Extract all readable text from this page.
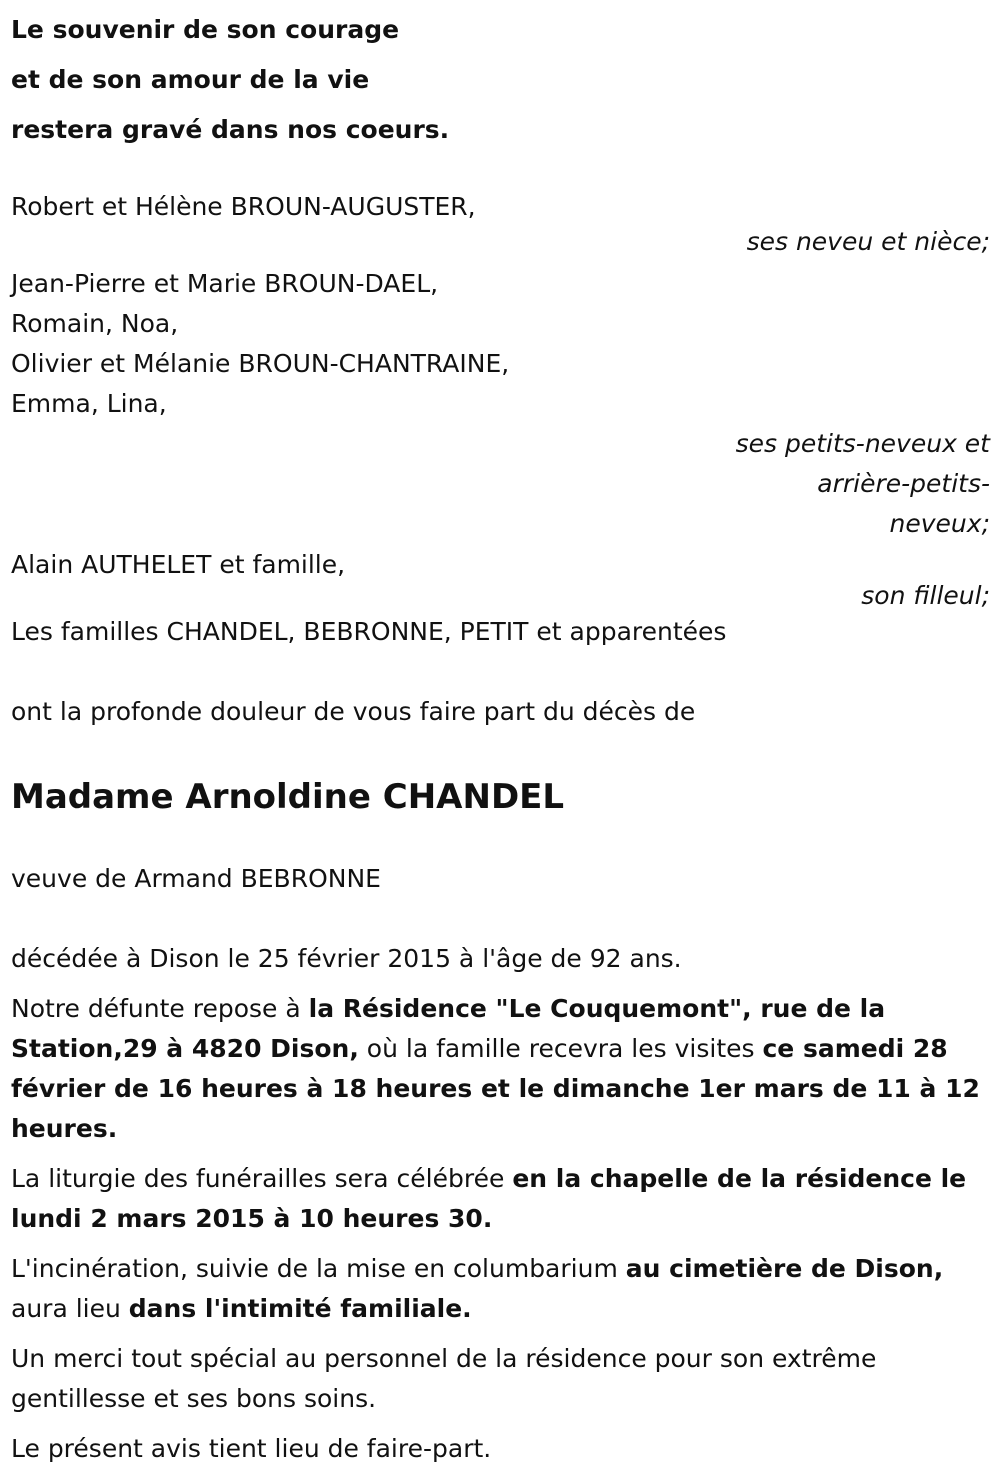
Le souvenir de son courage
et de son amour de la vie
restera gravé dans nos coeurs.
Robert et Hélène BROUN-AUGUSTER,
ses neveu et nièce;
Jean-Pierre et Marie BROUN-DAEL,
Romain, Noa,
Olivier et Mélanie BROUN-CHANTRAINE,
Emma, Lina,
ses petits-neveux et
arrière-petits-
neveux;
Alain AUTHELET et famille,
son filleul;
Les familles CHANDEL, BEBRONNE, PETIT et apparentées
ont la profonde douleur de vous faire part du décès de
Madame Arnoldine CHANDEL
veuve de Armand BEBRONNE
décédée à Dison le 25 février 2015 à l'âge de 92 ans.

Notre défunte repose à la Résidence "Le Couquemont", rue de la Station,29 à 4820 Dison, où la famille recevra les visites ce samedi 28 février de 16 heures à 18 heures et le dimanche 1er mars de 11 à 12 heures.

La liturgie des funérailles sera célébrée en la chapelle de la résidence le lundi 2 mars 2015 à 10 heures 30.

L'incinération, suivie de la mise en columbarium au cimetière de Dison, aura lieu dans l'intimité familiale.

Un merci tout spécial au personnel de la résidence pour son extrême gentillesse et ses bons soins.

Le présent avis tient lieu de faire-part.
